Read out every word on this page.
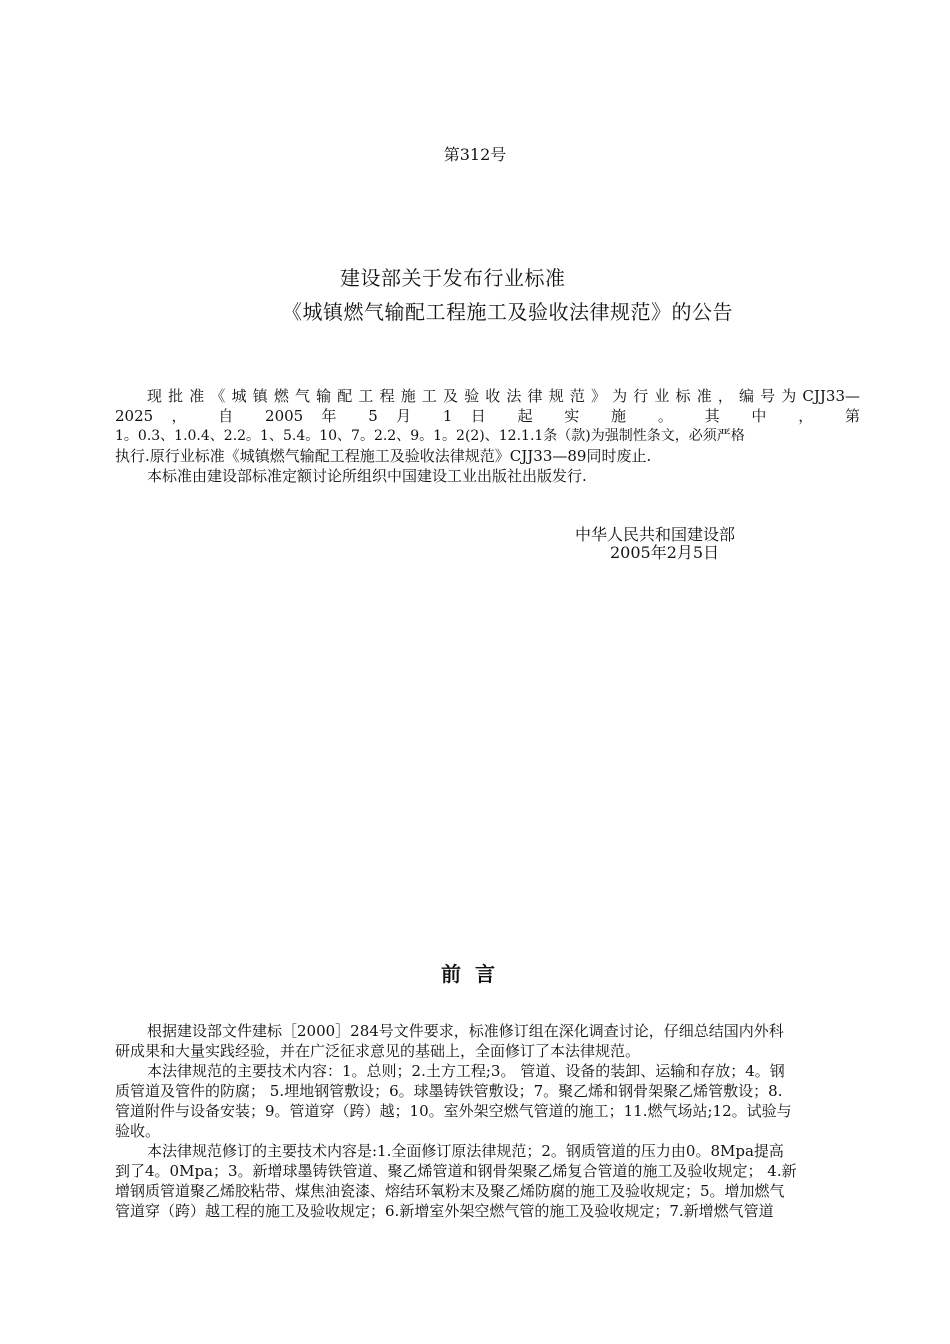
第312号
建设部关于发布行业标准
《城镇燃气输配工程施工及验收法律规范》的公告
现批准《城镇燃气输配工程施工及验收法律规范》为行业标准，编号为CJJ33—
2025 ， 自 2005 年 5 月 1 日 起 实 施 。 其 中 ， 第
1。0.3、1.0.4、2.2。1、5.4。10、7。2.2、9。1。2(2)、12.1.1条（款)为强制性条文，必须严格
执行.原行业标准《城镇燃气输配工程施工及验收法律规范》CJJ33—89同时废止.
本标准由建设部标准定额讨论所组织中国建设工业出版社出版发行.
中华人民共和国建设部
2005年2月5日
前言
根据建设部文件建标［2000］284号文件要求，标准修订组在深化调查讨论，仔细总结国内外科
研成果和大量实践经验，并在广泛征求意见的基础上，全面修订了本法律规范。
本法律规范的主要技术内容：1。总则；2.土方工程;3。 管道、设备的装卸、运输和存放；4。钢
质管道及管件的防腐； 5.埋地钢管敷设；6。球墨铸铁管敷设；7。聚乙烯和钢骨架聚乙烯管敷设；8.
管道附件与设备安装；9。管道穿（跨）越；10。室外架空燃气管道的施工；11.燃气场站;12。试验与
验收。
本法律规范修订的主要技术内容是:1.全面修订原法律规范；2。钢质管道的压力由0。8Mpa提高
到了4。0Mpa；3。新增球墨铸铁管道、聚乙烯管道和钢骨架聚乙烯复合管道的施工及验收规定； 4.新
增钢质管道聚乙烯胶粘带、煤焦油瓷漆、熔结环氧粉末及聚乙烯防腐的施工及验收规定；5。增加燃气
管道穿（跨）越工程的施工及验收规定；6.新增室外架空燃气管的施工及验收规定；7.新增燃气管道
